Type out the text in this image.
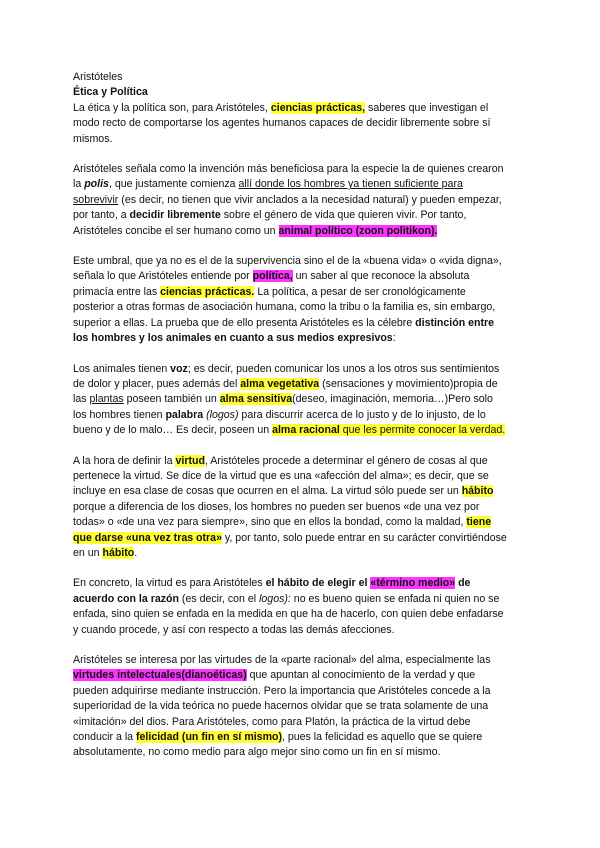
Aristóteles
Ética y Política

La ética y la política son, para Aristóteles, ciencias prácticas, saberes que investigan el
modo recto de comportarse los agentes humanos capaces de decidir libremente sobre sí
mismos.

Aristóteles señala como la invención más beneficiosa para la especie la de quienes crearon
la polis, que justamente comienza allí donde los hombres ya tienen suficiente para
sobrevivir (es decir, no tienen que vivir anclados a la necesidad natural) y pueden empezar,
por tanto, a decidir libremente sobre el género de vida que quieren vivir. Por tanto,
Aristóteles concibe el ser humano como un animal político (zoon politikon).

Este umbral, que ya no es el de la supervivencia sino el de la «buena vida» o «vida digna»,
señala lo que Aristóteles entiende por política, un saber al que reconoce la absoluta
primacía entre las ciencias prácticas. La política, a pesar de ser cronológicamente
posterior a otras formas de asociación humana, como la tribu o la familia es, sin embargo,
superior a ellas. La prueba que de ello presenta Aristóteles es la célebre distinción entre
los hombres y los animales en cuanto a sus medios expresivos:

Los animales tienen voz; es decir, pueden comunicar los unos a los otros sus sentimientos
de dolor y placer, pues además del alma vegetativa (sensaciones y movimiento)propia de
las plantas poseen también un alma sensitiva(deseo, imaginación, memoria…)Pero solo
los hombres tienen palabra (logos) para discurrir acerca de lo justo y de lo injusto, de lo
bueno y de lo malo… Es decir, poseen un alma racional que les permite conocer la verdad.

A la hora de definir la virtud, Aristóteles procede a determinar el género de cosas al que
pertenece la virtud. Se dice de la virtud que es una «afección del alma»; es decir, que se
incluye en esa clase de cosas que ocurren en el alma. La virtud sólo puede ser un hábito
porque a diferencia de los dioses, los hombres no pueden ser buenos «de una vez por
todas» o «de una vez para siempre», sino que en ellos la bondad, como la maldad, tiene
que darse «una vez tras otra» y, por tanto, solo puede entrar en su carácter convirtiéndose
en un hábito.

En concreto, la virtud es para Aristóteles el hábito de elegir el «término medio» de
acuerdo con la razón (es decir, con el logos): no es bueno quien se enfada ni quien no se
enfada, sino quien se enfada en la medida en que ha de hacerlo, con quien debe enfadarse
y cuando procede, y así con respecto a todas las demás afecciones.

Aristóteles se interesa por las virtudes de la «parte racional» del alma, especialmente las
virtudes intelectuales(dianoéticas) que apuntan al conocimiento de la verdad y que
pueden adquirirse mediante instrucción. Pero la importancia que Aristóteles concede a la
superioridad de la vida teórica no puede hacernos olvidar que se trata solamente de una
«imitación» del dios. Para Aristóteles, como para Platón, la práctica de la virtud debe
conducir a la felicidad (un fin en sí mismo), pues la felicidad es aquello que se quiere
absolutamente, no como medio para algo mejor sino como un fin en sí mismo.
